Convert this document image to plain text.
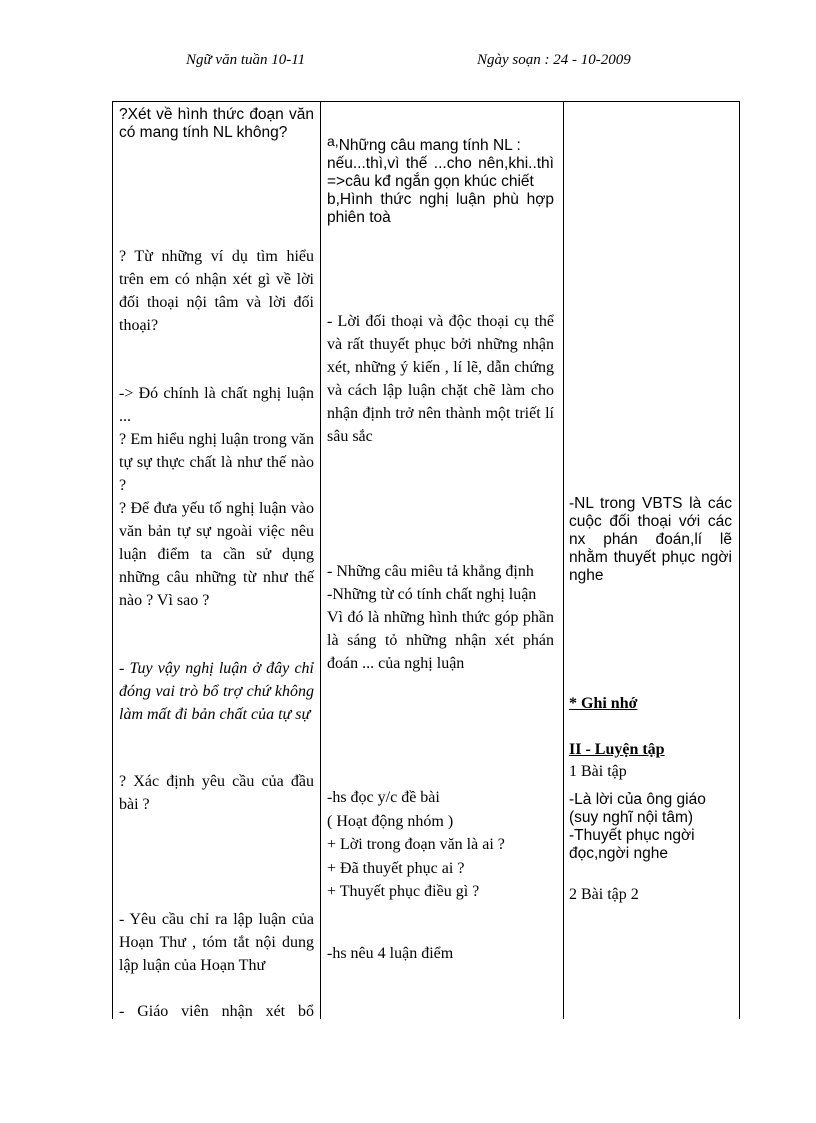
Ngữ văn tuần 10-11	Ngày soạn : 24 - 10-2009
?Xét về hình thức đoạn văn có mang tính NL không?
? Từ những ví dụ tìm hiểu trên em có nhận xét gì về lời đối thoại nội tâm và lời đối thoại?

-> Đó chính là chất nghị luận ...

? Em hiểu nghị luận trong văn tự sự thực chất là như thế nào ?

? Để đưa yếu tố nghị luận vào văn bản tự sự ngoài việc nêu luận điểm ta cần sử dụng những câu những từ như thế nào ? Vì sao ?
- Tuy vậy nghị luận ở đây chỉ đóng vai trò bổ trợ chứ không làm mất đi bản chất của tự sự
? Xác định yêu cầu của đầu bài ?
- Yêu cầu chỉ ra lập luận của Hoạn Thư , tóm tắt nội dung lập luận của Hoạn Thư
- Giáo viên nhận xét bổ

a,Những câu mang tính NL :

nếu...thì,vì thế ...cho nên,khi..thì =>câu kđ ngắn gọn khúc chiết

b,Hình thức nghị luận phù hợp phiên toà

- Lời đối thoại và độc thoại cụ thể và rất thuyết phục bởi những nhận xét, những ý kiến , lí lẽ, dẫn chứng và cách lập luận chặt chẽ làm cho nhận định trở nên thành một triết lí sâu sắc

- Những câu miêu tả khẳng định

-Những từ có tính chất nghị luận

Vì đó là những hình thức góp phần là sáng tỏ những nhận xét phán đoán ... của nghị luận

-hs đọc y/c đề bài

( Hoạt động nhóm )

+ Lời trong đoạn văn là ai ?

+ Đã thuyết phục ai ?

+ Thuyết phục điều gì ?

-hs nêu 4 luận điểm
-NL trong VBTS là các cuộc đối thoại với các nx phán đoán,lí lẽ nhằm thuyết phục ngời nghe
* Ghi nhớ
II - Luyện tập
1 Bài tập

-Là lời của ông giáo (suy nghĩ nội tâm)

-Thuyết phục ngời đọc,ngời nghe

2 Bài tập 2
